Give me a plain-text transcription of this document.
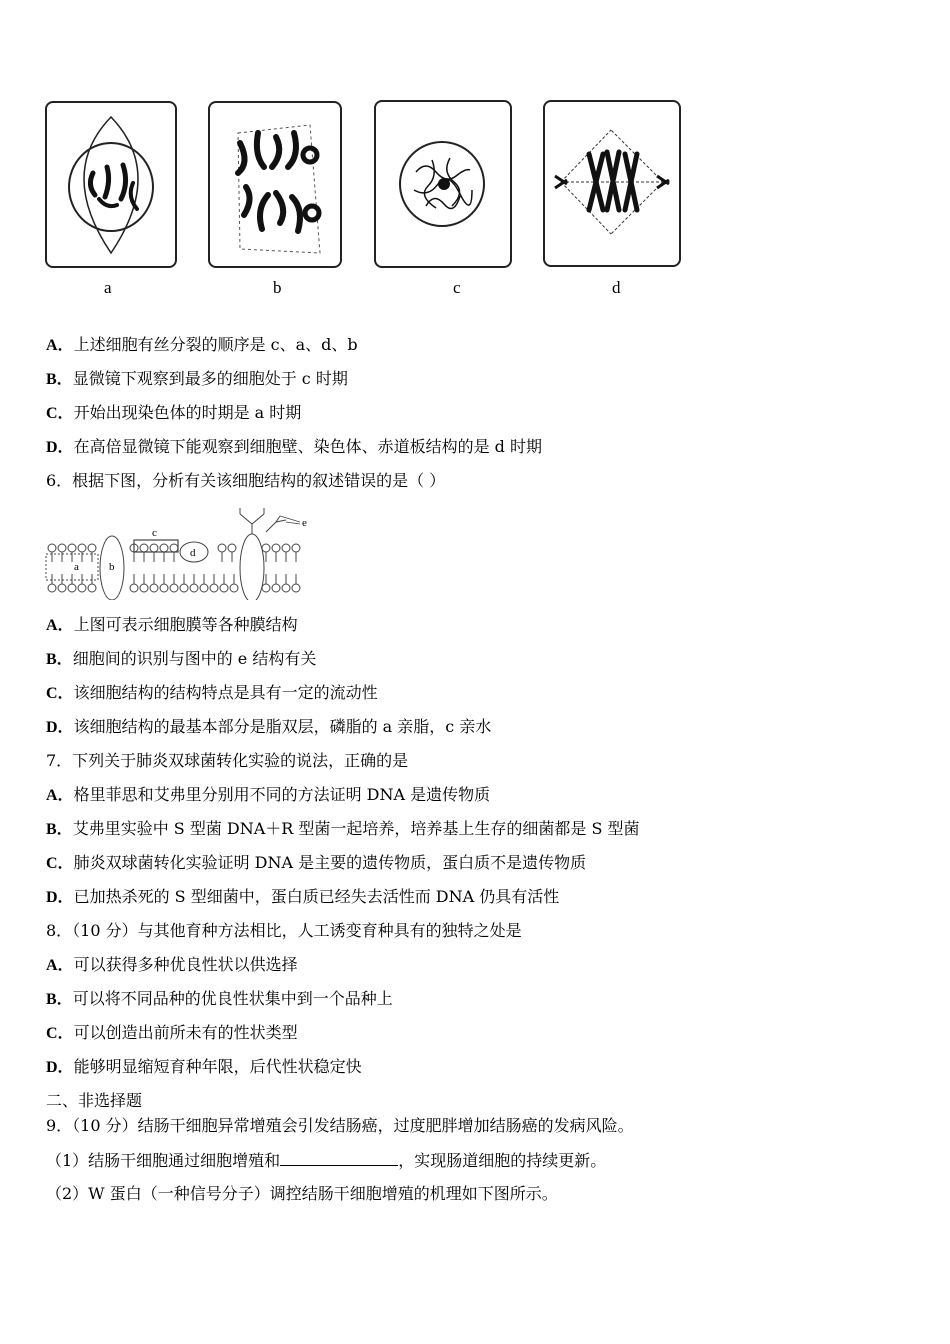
a	b	c	d
A．上述细胞有丝分裂的顺序是 c、a、d、b
B．显微镜下观察到最多的细胞处于 c 时期
C．开始出现染色体的时期是 a 时期
D．在高倍显微镜下能观察到细胞壁、染色体、赤道板结构的是 d 时期
6．根据下图，分析有关该细胞结构的叙述错误的是（ ）
a	b
c
d
e
A．上图可表示细胞膜等各种膜结构
B．细胞间的识别与图中的 e 结构有关
C．该细胞结构的结构特点是具有一定的流动性
D．该细胞结构的最基本部分是脂双层，磷脂的 a 亲脂，c 亲水
7．下列关于肺炎双球菌转化实验的说法，正确的是
A．格里菲思和艾弗里分别用不同的方法证明 DNA 是遗传物质
B．艾弗里实验中 S 型菌 DNA＋R 型菌一起培养，培养基上生存的细菌都是 S 型菌
C．肺炎双球菌转化实验证明 DNA 是主要的遗传物质，蛋白质不是遗传物质
D．已加热杀死的 S 型细菌中，蛋白质已经失去活性而 DNA 仍具有活性
8．（10 分）与其他育种方法相比，人工诱变育种具有的独特之处是
A．可以获得多种优良性状以供选择
B．可以将不同品种的优良性状集中到一个品种上
C．可以创造出前所未有的性状类型
D．能够明显缩短育种年限，后代性状稳定快
二、非选择题
9．（10 分）结肠干细胞异常增殖会引发结肠癌，过度肥胖增加结肠癌的发病风险。
（1）结肠干细胞通过细胞增殖和	，实现肠道细胞的持续更新。
（2）W 蛋白（一种信号分子）调控结肠干细胞增殖的机理如下图所示。
